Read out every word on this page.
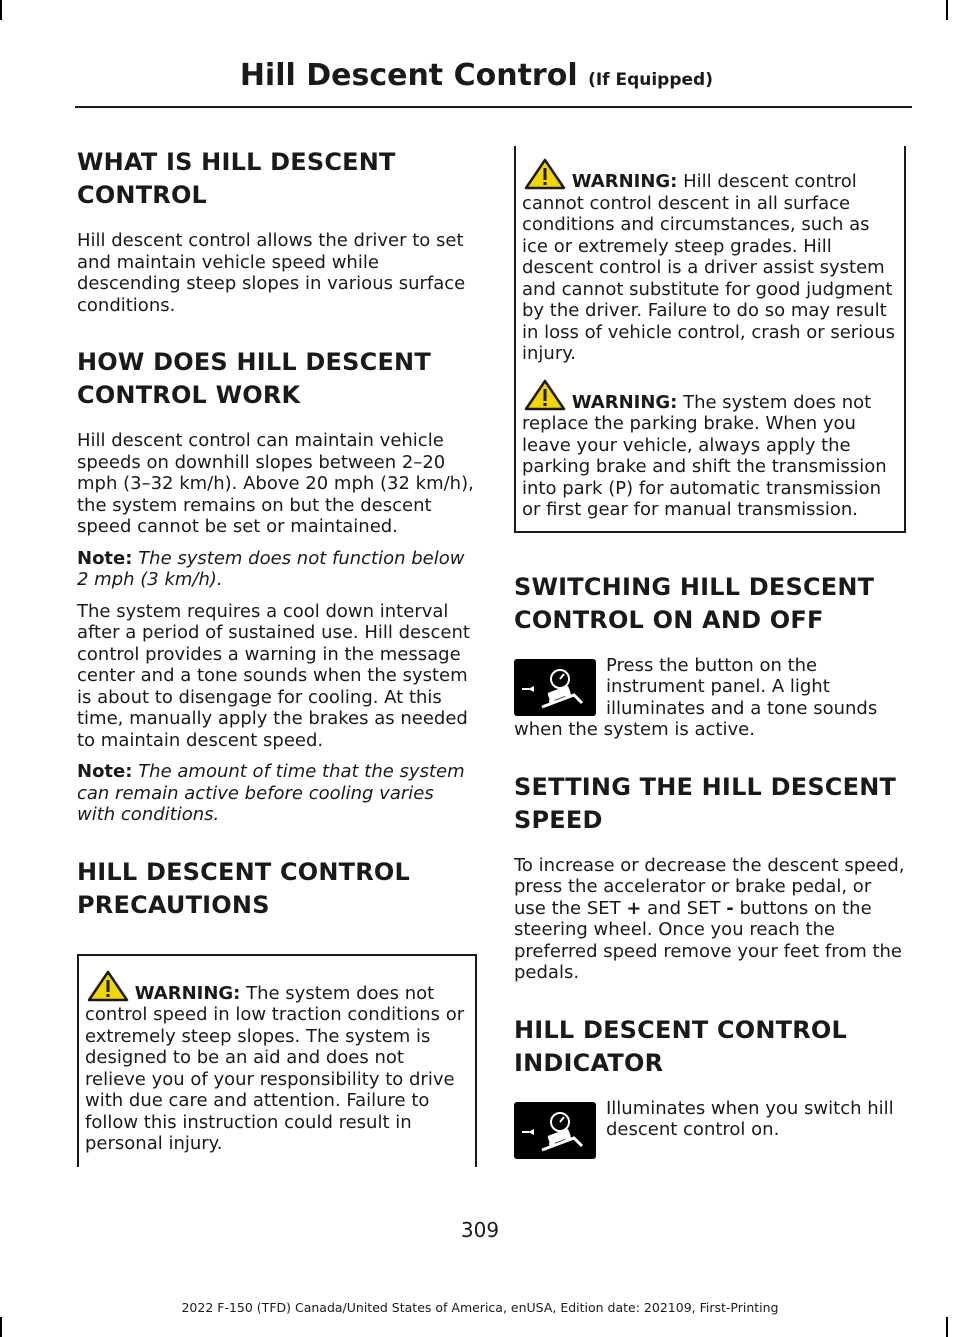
Hill Descent Control (If Equipped)
WHAT IS HILL DESCENT
CONTROL

Hill descent control allows the driver to set and maintain vehicle speed while descending steep slopes in various surface conditions.

HOW DOES HILL DESCENT
CONTROL WORK

Hill descent control can maintain vehicle speeds on downhill slopes between 2–20 mph (3–32 km/h). Above 20 mph (32 km/h), the system remains on but the descent speed cannot be set or maintained.

Note: The system does not function below 2 mph (3 km/h).

The system requires a cool down interval after a period of sustained use. Hill descent control provides a warning in the message center and a tone sounds when the system is about to disengage for cooling. At this time, manually apply the brakes as needed to maintain descent speed.

Note: The amount of time that the system can remain active before cooling varies with conditions.

HILL DESCENT CONTROL
PRECAUTIONS
WARNING: The system does not control speed in low traction conditions or extremely steep slopes. The system is designed to be an aid and does not relieve you of your responsibility to drive with due care and attention. Failure to follow this instruction could result in personal injury.
WARNING: Hill descent control cannot control descent in all surface conditions and circumstances, such as ice or extremely steep grades. Hill descent control is a driver assist system and cannot substitute for good judgment by the driver. Failure to do so may result in loss of vehicle control, crash or serious injury.
WARNING: The system does not replace the parking brake. When you leave your vehicle, always apply the parking brake and shift the transmission into park (P) for automatic transmission or first gear for manual transmission.
SWITCHING HILL DESCENT
CONTROL ON AND OFF

Press the button on the instrument panel. A light illuminates and a tone sounds when the system is active.

SETTING THE HILL DESCENT
SPEED

To increase or decrease the descent speed, press the accelerator or brake pedal, or use the SET + and SET - buttons on the steering wheel. Once you reach the preferred speed remove your feet from the pedals.

HILL DESCENT CONTROL
INDICATOR

Illuminates when you switch hill descent control on.

309
2022 F-150 (TFD) Canada/United States of America, enUSA, Edition date: 202109, First-Printing
